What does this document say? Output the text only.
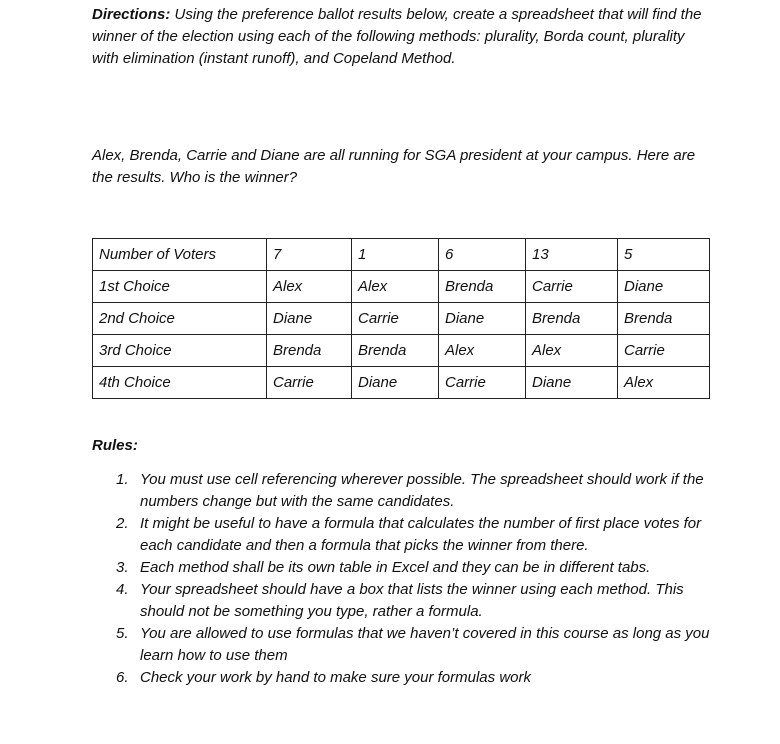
Directions: Using the preference ballot results below, create a spreadsheet that will find the winner of the election using each of the following methods: plurality, Borda count, plurality with elimination (instant runoff), and Copeland Method.

Alex, Brenda, Carrie and Diane are all running for SGA president at your campus. Here are the results. Who is the winner?

Number of Voters	7	1	6	13	5
1st Choice	Alex	Alex	Brenda	Carrie	Diane
2nd Choice	Diane	Carrie	Diane	Brenda	Brenda
3rd Choice	Brenda	Brenda	Alex	Alex	Carrie
4th Choice	Carrie	Diane	Carrie	Diane	Alex

Rules:

1. You must use cell referencing wherever possible. The spreadsheet should work if the numbers change but with the same candidates.
2. It might be useful to have a formula that calculates the number of first place votes for each candidate and then a formula that picks the winner from there.
3. Each method shall be its own table in Excel and they can be in different tabs.
4. Your spreadsheet should have a box that lists the winner using each method. This should not be something you type, rather a formula.
5. You are allowed to use formulas that we haven’t covered in this course as long as you learn how to use them
6. Check your work by hand to make sure your formulas work
